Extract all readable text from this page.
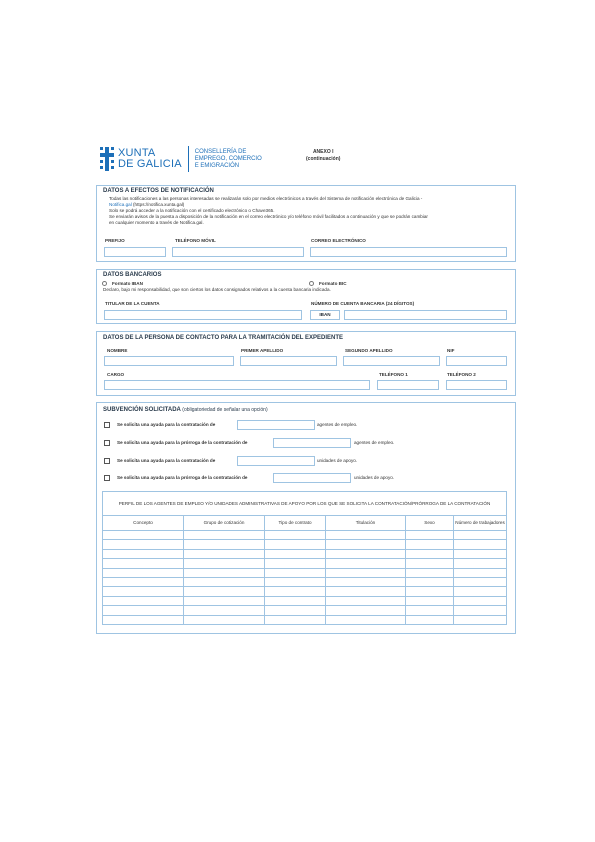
XUNTA
DE GALICIA
CONSELLERÍA DE
EMPREGO, COMERCIO
E EMIGRACIÓN
ANEXO I
(continuación)
DATOS A EFECTOS DE NOTIFICACIÓN
Todas las notificaciones a las personas interesadas se realizarán solo por medios electrónicos a través del Sistema de notificación electrónica de Galicia -
Notifica.gal (https://notifica.xunta.gal)
Solo se podrá acceder a la notificación con el certificado electrónico o Chave365.
Se enviarán avisos de la puesta a disposición de la notificación en el correo electrónico y/o teléfono móvil facilitados a continuación y que se podrán cambiar
en cualquier momento a través de Notifica.gal.
PREFIJO	TELÉFONO MÓVIL	CORREO ELECTRÓNICO
DATOS BANCARIOS
Formato IBAN	Formato BIC
Declaro, bajo mi responsabilidad, que son ciertos los datos consignados relativos a la cuenta bancaria indicada.
TITULAR DE LA CUENTA	NÚMERO DE CUENTA BANCARIA (24 DÍGITOS)
IBAN
DATOS DE LA PERSONA DE CONTACTO PARA LA TRAMITACIÓN DEL EXPEDIENTE
NOMBRE	PRIMER APELLIDO	SEGUNDO APELLIDO	NIF
CARGO	TELÉFONO 1	TELÉFONO 2
SUBVENCIÓN SOLICITADA (obligatoriedad de señalar una opción)
Se solicita una ayuda para la contratación de	agentes de empleo.
Se solicita una ayuda para la prórroga de la contratación de	agentes de empleo.
Se solicita una ayuda para la contratación de	unidades de apoyo.
Se solicita una ayuda para la prórroga de la contratación de	unidades de apoyo.
PERFIL DE LOS AGENTES DE EMPLEO Y/O UNIDADES ADMINISTRATIVAS DE APOYO POR LOS QUE SE SOLICITA LA CONTRATACIÓN/PRÓRROGA DE LA CONTRATACIÓN					
Concepto	Grupo de cotización	Tipo de contrato	Titulación	Sexo	Número de trabajadores
